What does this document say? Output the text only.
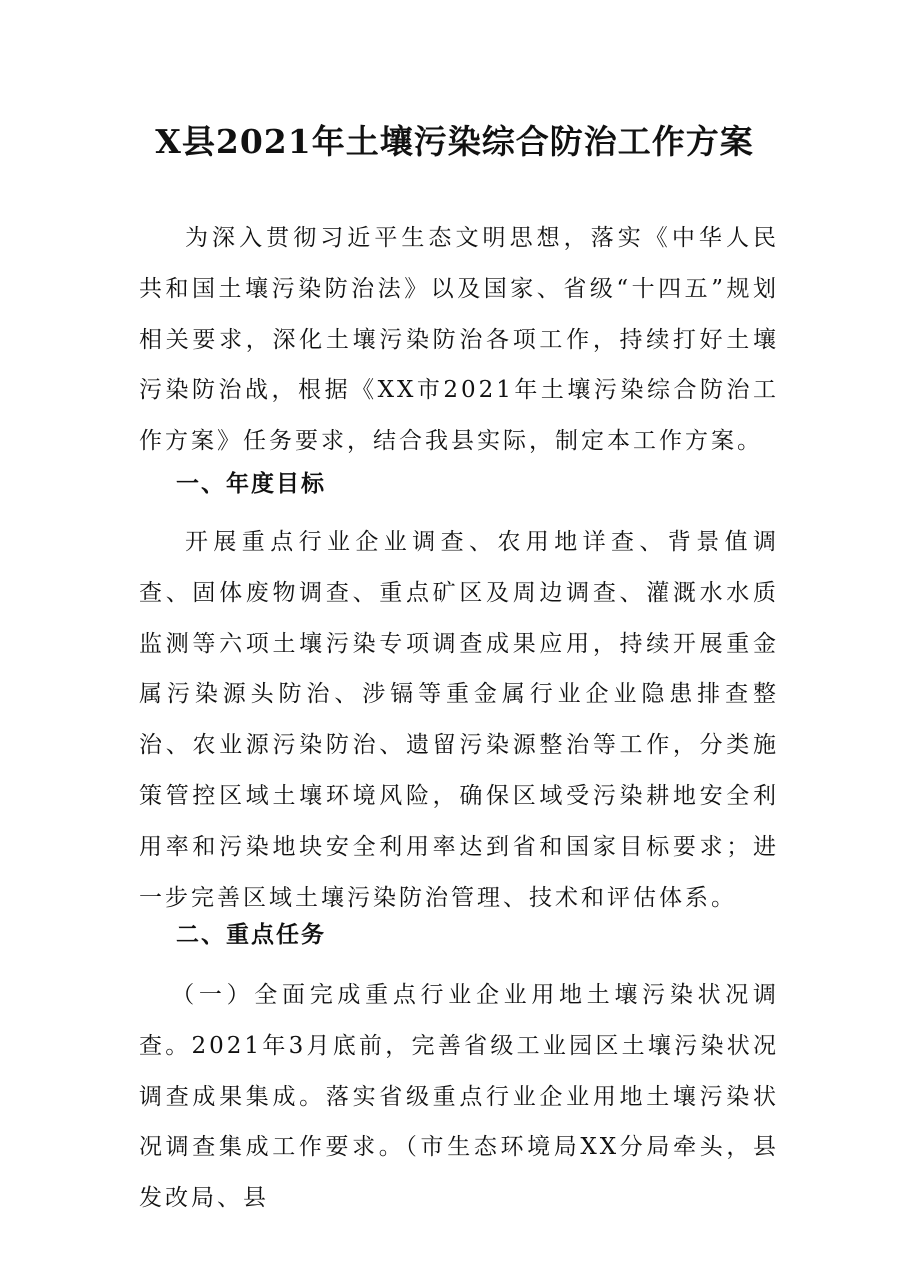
X县2021年土壤污染综合防治工作方案

为深入贯彻习近平生态文明思想，落实《中华人民共和国土壤污染防治法》以及国家、省级“十四五”规划相关要求，深化土壤污染防治各项工作，持续打好土壤污染防治战，根据《XX市2021年土壤污染综合防治工作方案》任务要求，结合我县实际，制定本工作方案。

一、年度目标

开展重点行业企业调查、农用地详查、背景值调查、固体废物调查、重点矿区及周边调查、灌溉水水质监测等六项土壤污染专项调查成果应用，持续开展重金属污染源头防治、涉镉等重金属行业企业隐患排查整治、农业源污染防治、遗留污染源整治等工作，分类施策管控区域土壤环境风险，确保区域受污染耕地安全利用率和污染地块安全利用率达到省和国家目标要求；进一步完善区域土壤污染防治管理、技术和评估体系。

二、重点任务

（一）全面完成重点行业企业用地土壤污染状况调查。2021年3月底前，完善省级工业园区土壤污染状况调查成果集成。落实省级重点行业企业用地土壤污染状况调查集成工作要求。（市生态环境局XX分局牵头，县发改局、县
